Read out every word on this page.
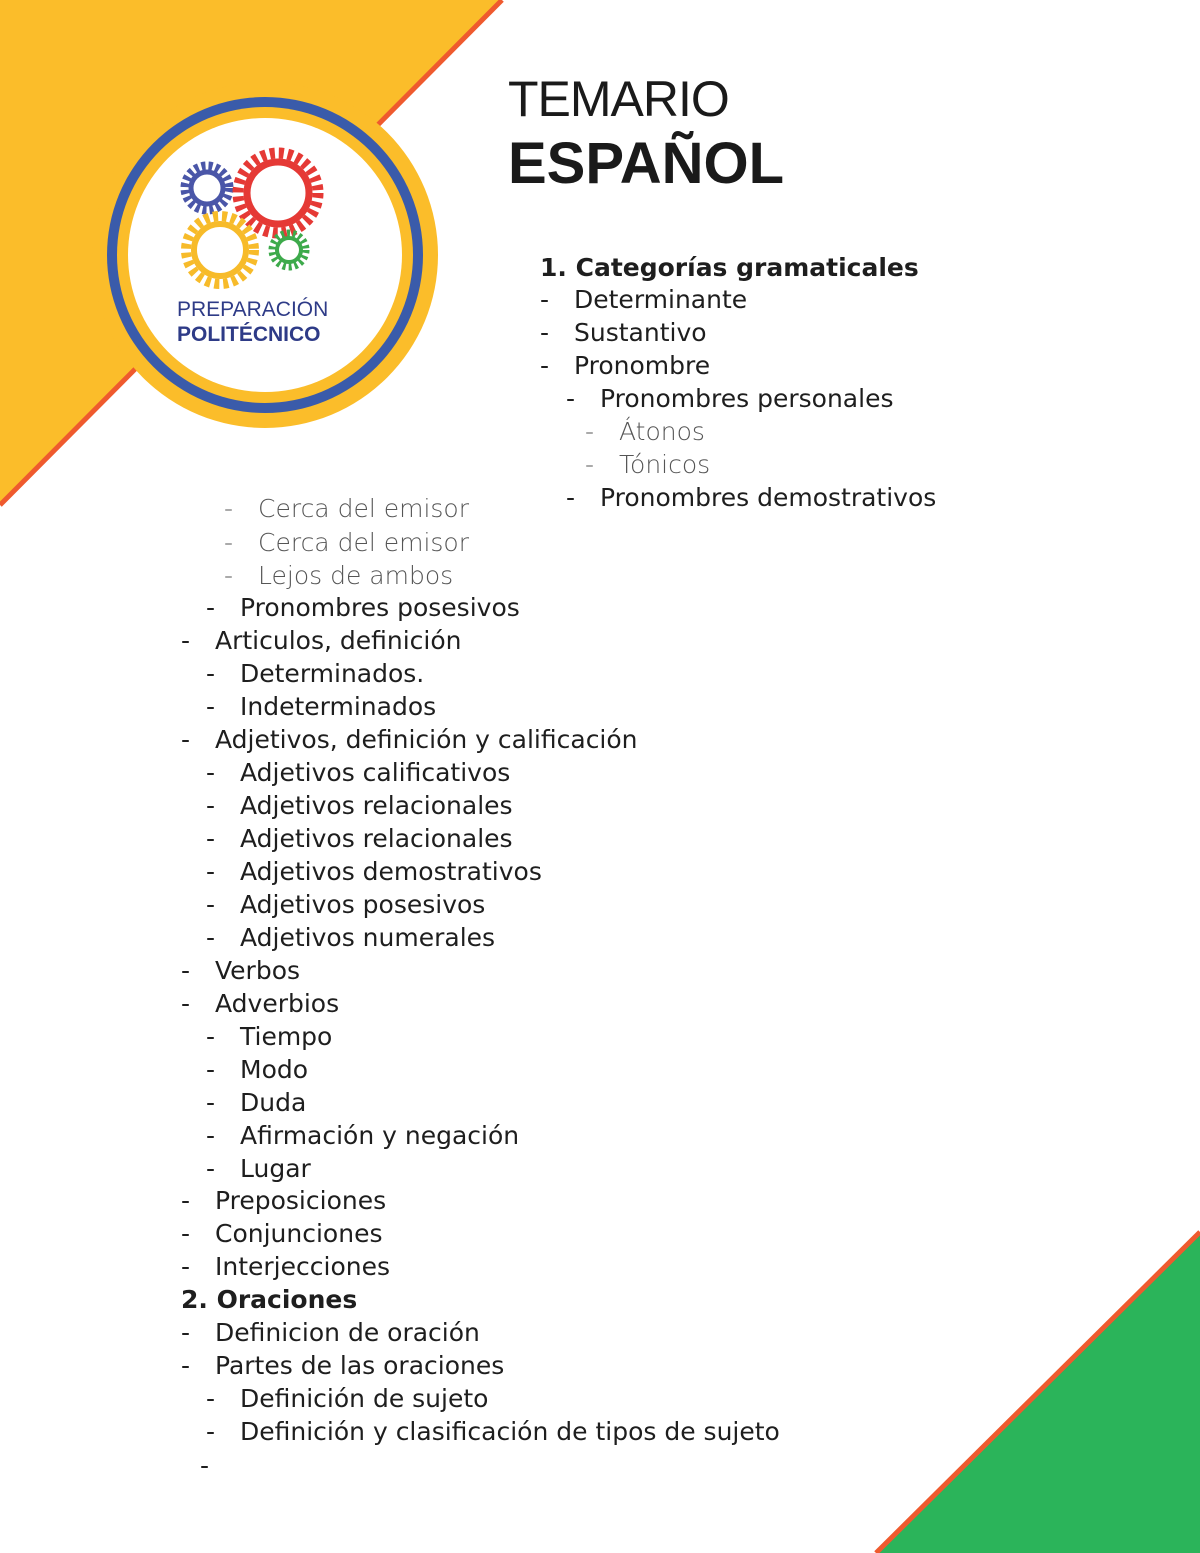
PREPARACIÓN
POLITÉCNICO
TEMARIO
ESPAÑOL
1. Categorías gramaticales
- Determinante
- Sustantivo
- Pronombre
- Pronombres personales
- Átonos
- Tónicos
- Pronombres demostrativos
- Cerca del emisor
- Cerca del emisor
- Lejos de ambos
- Pronombres posesivos
- Articulos, definición
- Determinados.
- Indeterminados
- Adjetivos, definición y calificación
- Adjetivos calificativos
- Adjetivos relacionales
- Adjetivos relacionales
- Adjetivos demostrativos
- Adjetivos posesivos
- Adjetivos numerales
- Verbos
- Adverbios
- Tiempo
- Modo
- Duda
- Afirmación y negación
- Lugar
- Preposiciones
- Conjunciones
- Interjecciones
2. Oraciones
- Definicion de oración
- Partes de las oraciones
- Definición de sujeto
- Definición y clasificación de tipos de sujeto
-
